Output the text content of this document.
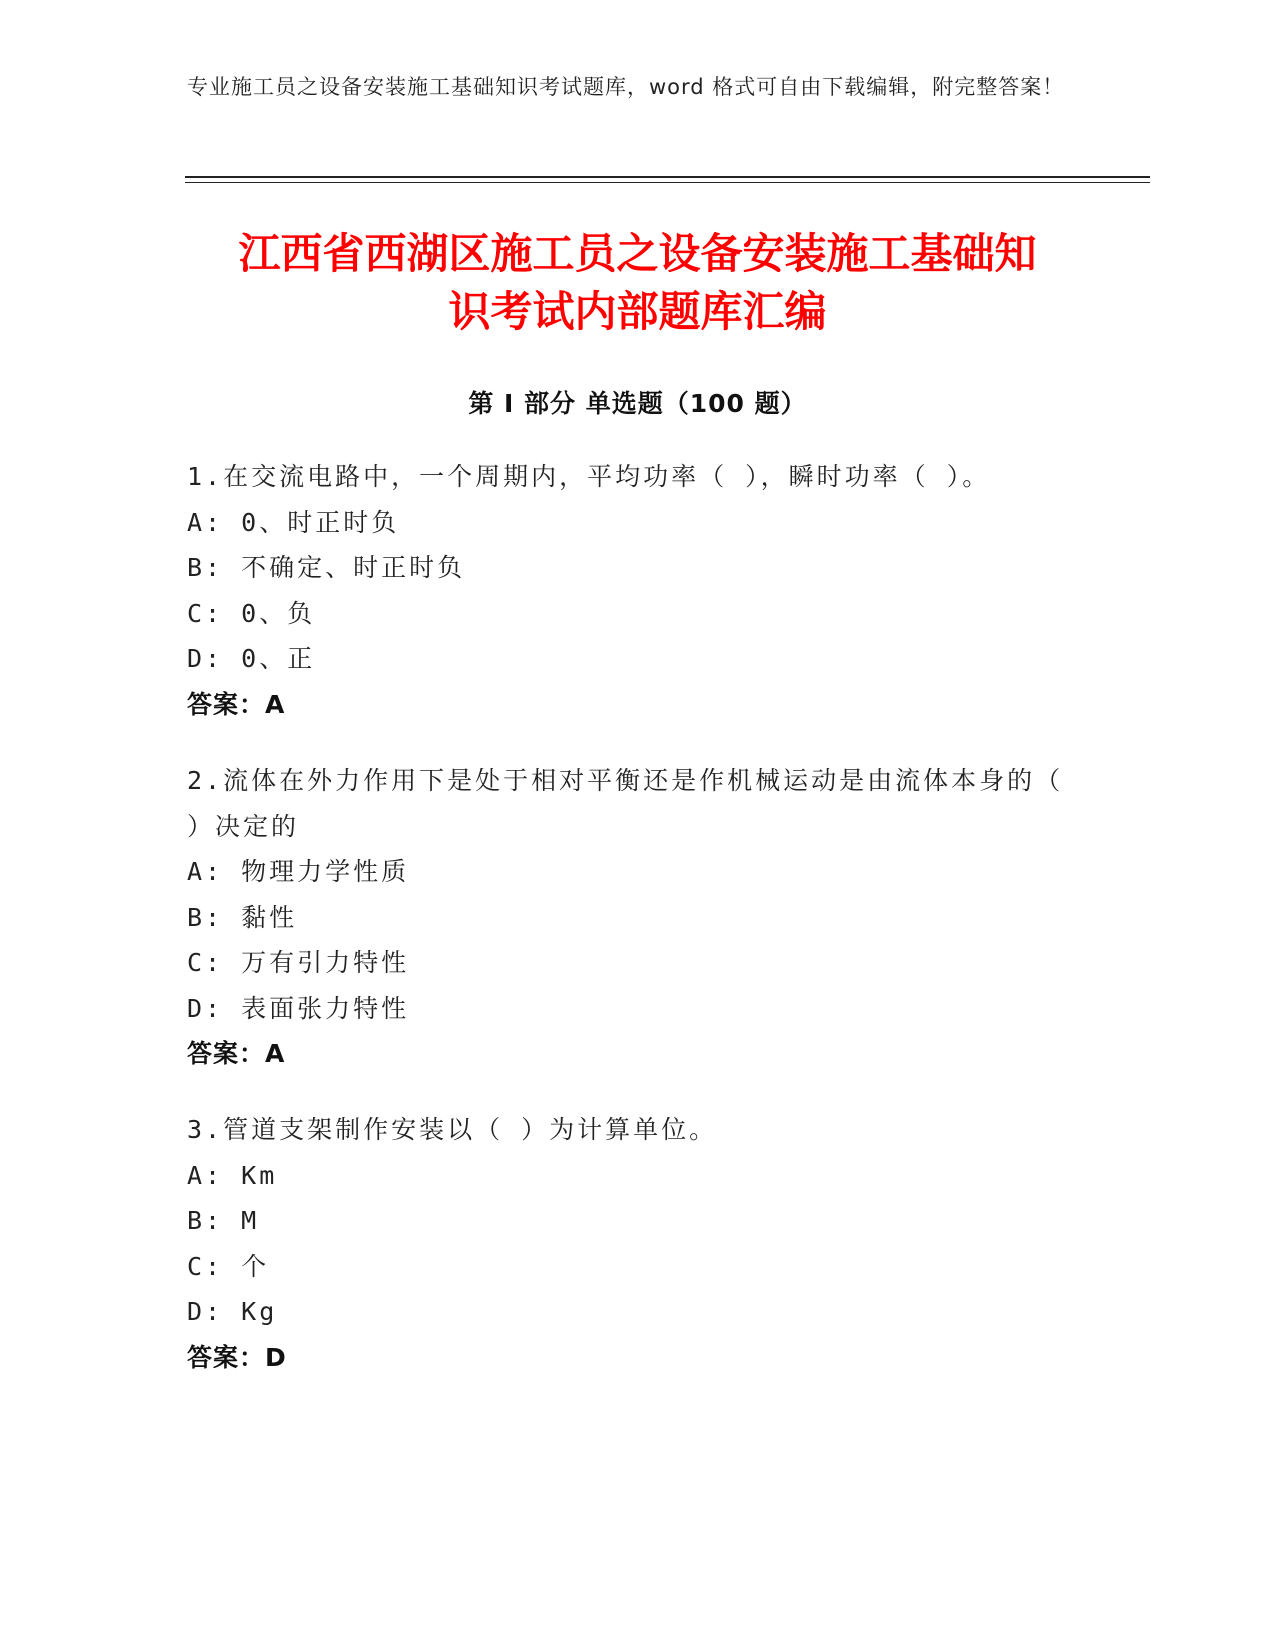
专业施工员之设备安装施工基础知识考试题库，word 格式可自由下载编辑，附完整答案！
江西省西湖区施工员之设备安装施工基础知
识考试内部题库汇编
第 I 部分 单选题（100 题）
1.在交流电路中，一个周期内，平均功率（ ），瞬时功率（ ）。
A: 0、时正时负
B: 不确定、时正时负
C: 0、负
D: 0、正
答案：A
2.流体在外力作用下是处于相对平衡还是作机械运动是由流体本身的（ ）决定的
A: 物理力学性质
B: 黏性
C: 万有引力特性
D: 表面张力特性
答案：A
3.管道支架制作安装以（ ）为计算单位。
A: Km
B: M
C: 个
D: Kg
答案：D
